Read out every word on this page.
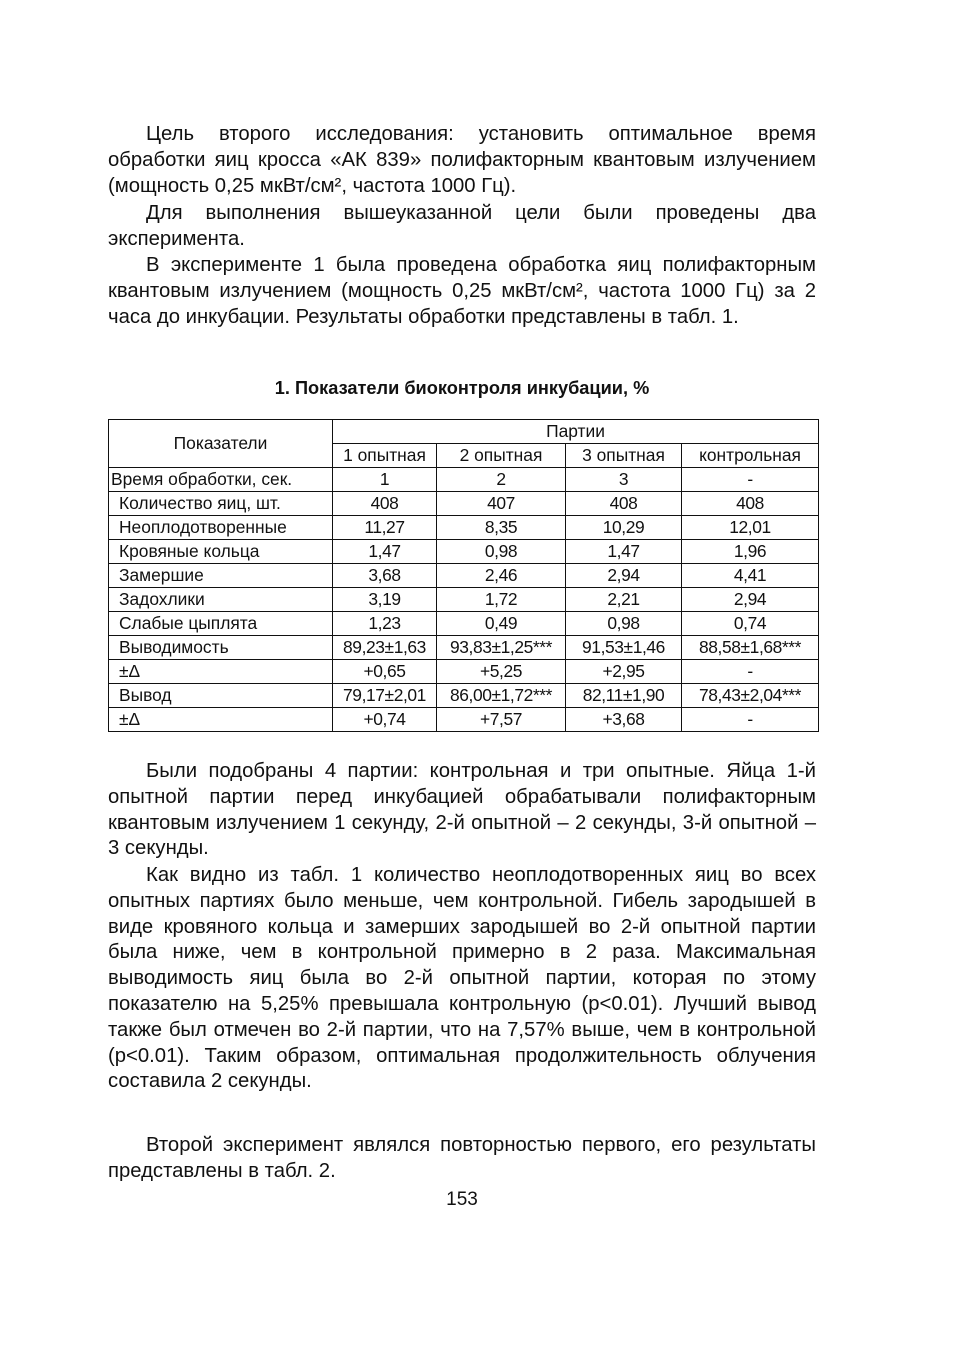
Цель второго исследования: установить оптимальное время обработки яиц кросса «АК 839» полифакторным квантовым излучением (мощность 0,25 мкВт/см², частота 1000 Гц).

Для выполнения вышеуказанной цели были проведены два эксперимента.

В эксперименте 1 была проведена обработка яиц полифакторным квантовым излучением (мощность 0,25 мкВт/см², частота 1000 Гц) за 2 часа до инкубации. Результаты обработки представлены в табл. 1.

1. Показатели биоконтроля инкубации, %
Показатели	Партии			
	1 опытная	2 опытная	3 опытная	контрольная
Время обработки, сек.	1	2	3	-
Количество яиц, шт.	408	407	408	408
Неоплодотворенные	11,27	8,35	10,29	12,01
Кровяные кольца	1,47	0,98	1,47	1,96
Замершие	3,68	2,46	2,94	4,41
Задохлики	3,19	1,72	2,21	2,94
Слабые цыплята	1,23	0,49	0,98	0,74
Выводимость	89,23±1,63	93,83±1,25***	91,53±1,46	88,58±1,68***
±Δ	+0,65	+5,25	+2,95	-
Вывод	79,17±2,01	86,00±1,72***	82,11±1,90	78,43±2,04***
±Δ	+0,74	+7,57	+3,68	-

Были подобраны 4 партии: контрольная и три опытные. Яйца 1-й опытной партии перед инкубацией обрабатывали полифакторным квантовым излучением 1 секунду, 2-й опытной – 2 секунды, 3-й опытной – 3 секунды.

Как видно из табл. 1 количество неоплодотворенных яиц во всех опытных партиях было меньше, чем контрольной. Гибель зародышей в виде кровяного кольца и замерших зародышей во 2-й опытной партии была ниже, чем в контрольной примерно в 2 раза. Максимальная выводимость яиц была во 2-й опытной партии, которая по этому показателю на 5,25% превышала контрольную (p<0.01). Лучший вывод также был отмечен во 2-й партии, что на 7,57% выше, чем в контрольной (p<0.01). Таким образом, оптимальная продолжительность облучения составила 2 секунды.

Второй эксперимент являлся повторностью первого, его результаты представлены в табл. 2.

153
